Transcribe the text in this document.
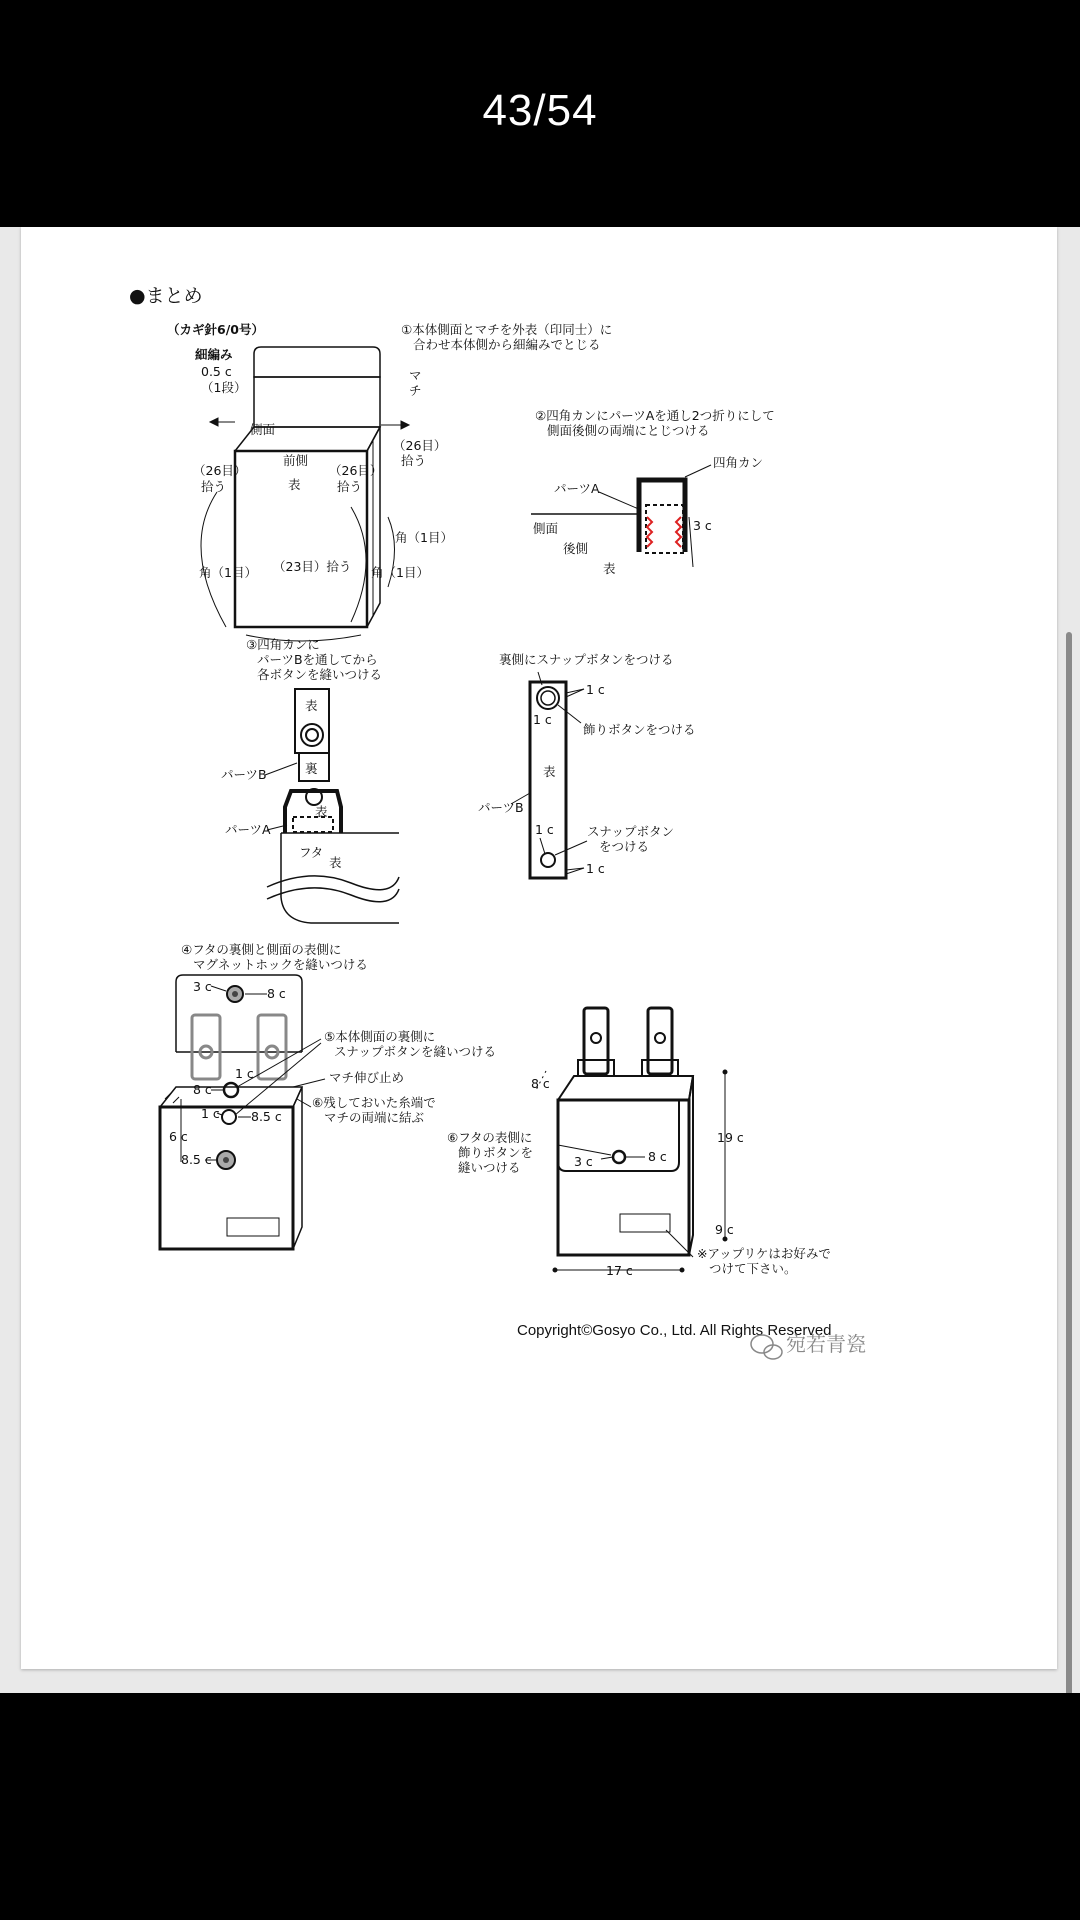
43/54
●まとめ
（カギ針6/0号）
細編み
0.5 c
（1段）
①本体側面とマチを外表（印同士）に
合わせ本体側から細編みでとじる
マ
チ
側面
前側
表
（26目）
拾う
（26目）
拾う
（26目）
拾う
角（1目）
角（1目）	角（1目）
（23目）拾う
②四角カンにパーツAを通し2つ折りにして
側面後側の両端にとじつける
四角カン
パーツA
側面
後側
表
3 c
③四角カンに
パーツBを通してから
各ボタンを縫いつける
表
裏
表
パーツB
パーツA
フタ
表
裏側にスナップボタンをつける
1 c
1 c
飾りボタンをつける
表
パーツB
1 c	スナップボタン
をつける
1 c
④フタの裏側と側面の表側に
マグネットホックを縫いつける
3 c	8 c
1 c
8 c
1 c 8.5 c
6 c
8.5 c
⑤本体側面の裏側に
スナップボタンを縫いつける
マチ伸び止め
⑥残しておいた糸端で
マチの両端に結ぶ
8 c
⑥フタの表側に
飾りボタンを
縫いつける	3 c	8 c
19 c
9 c
17 c
※アップリケはお好みで
つけて下さい。
Copyright©Gosyo Co., Ltd. All Rights Reserved
宛若青瓷
